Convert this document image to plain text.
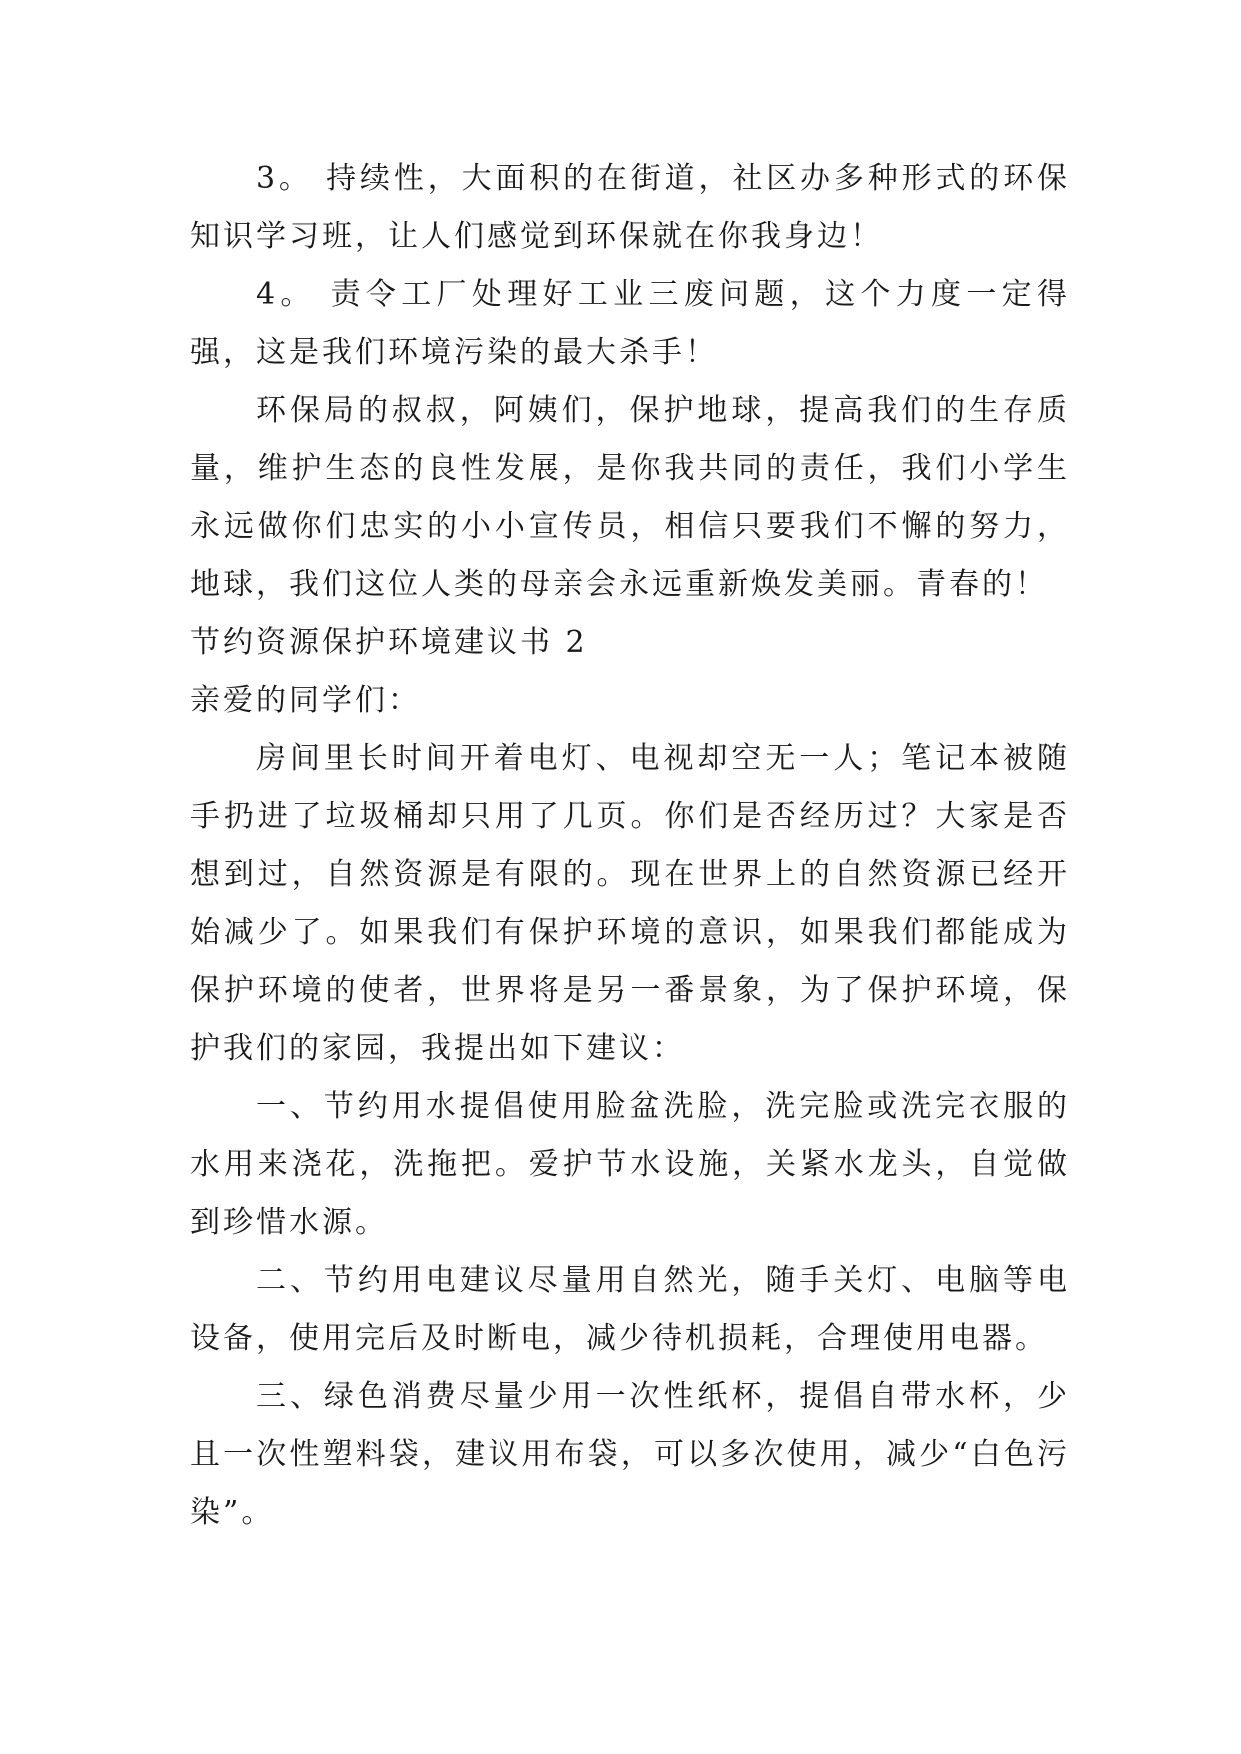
3。 持续性，大面积的在街道，社区办多种形式的环保知识学习班，让人们感觉到环保就在你我身边！

4。 责令工厂处理好工业三废问题，这个力度一定得强，这是我们环境污染的最大杀手！

环保局的叔叔，阿姨们，保护地球，提高我们的生存质量，维护生态的良性发展，是你我共同的责任，我们小学生永远做你们忠实的小小宣传员，相信只要我们不懈的努力，地球，我们这位人类的母亲会永远重新焕发美丽。青春的！

节约资源保护环境建议书 2

亲爱的同学们：

房间里长时间开着电灯、电视却空无一人；笔记本被随手扔进了垃圾桶却只用了几页。你们是否经历过？大家是否想到过，自然资源是有限的。现在世界上的自然资源已经开始减少了。如果我们有保护环境的意识，如果我们都能成为保护环境的使者，世界将是另一番景象，为了保护环境，保护我们的家园，我提出如下建议：

一、节约用水提倡使用脸盆洗脸，洗完脸或洗完衣服的水用来浇花，洗拖把。爱护节水设施，关紧水龙头，自觉做到珍惜水源。

二、节约用电建议尽量用自然光，随手关灯、电脑等电设备，使用完后及时断电，减少待机损耗，合理使用电器。

三、绿色消费尽量少用一次性纸杯，提倡自带水杯，少且一次性塑料袋，建议用布袋，可以多次使用，减少“白色污染”。
